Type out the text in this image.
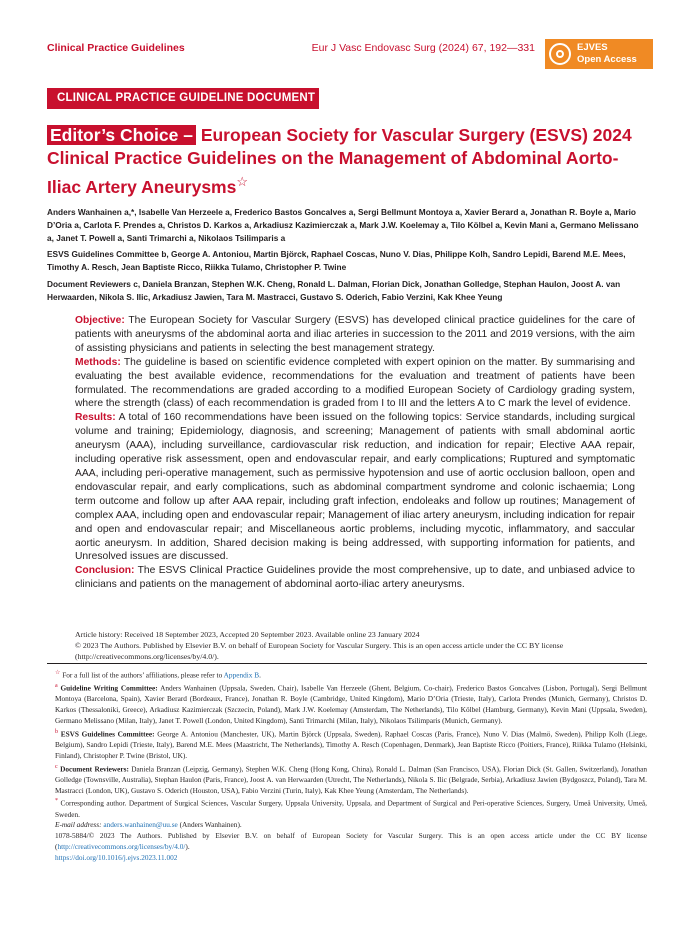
Clinical Practice Guidelines	Eur J Vasc Endovasc Surg (2024) 67, 192—331	EJVES
Open Access
CLINICAL PRACTICE GUIDELINE DOCUMENT
Editor’s Choice – European Society for Vascular Surgery (ESVS) 2024 Clinical Practice Guidelines on the Management of Abdominal Aorto-Iliac Artery Aneurysms☆
Anders Wanhainen a,*, Isabelle Van Herzeele a, Frederico Bastos Goncalves a, Sergi Bellmunt Montoya a, Xavier Berard a, Jonathan R. Boyle a, Mario D’Oria a, Carlota F. Prendes a, Christos D. Karkos a, Arkadiusz Kazimierczak a, Mark J.W. Koelemay a, Tilo Kölbel a, Kevin Mani a, Germano Melissano a, Janet T. Powell a, Santi Trimarchi a, Nikolaos Tsilimparis a
ESVS Guidelines Committee b, George A. Antoniou, Martin Björck, Raphael Coscas, Nuno V. Dias, Philippe Kolh, Sandro Lepidi, Barend M.E. Mees, Timothy A. Resch, Jean Baptiste Ricco, Riikka Tulamo, Christopher P. Twine
Document Reviewers c, Daniela Branzan, Stephen W.K. Cheng, Ronald L. Dalman, Florian Dick, Jonathan Golledge, Stephan Haulon, Joost A. van Herwaarden, Nikola S. Ilic, Arkadiusz Jawien, Tara M. Mastracci, Gustavo S. Oderich, Fabio Verzini, Kak Khee Yeung

Objective: The European Society for Vascular Surgery (ESVS) has developed clinical practice guidelines for the care of patients with aneurysms of the abdominal aorta and iliac arteries in succession to the 2011 and 2019 versions, with the aim of assisting physicians and patients in selecting the best management strategy.

Methods: The guideline is based on scientific evidence completed with expert opinion on the matter. By summarising and evaluating the best available evidence, recommendations for the evaluation and treatment of patients have been formulated. The recommendations are graded according to a modified European Society of Cardiology grading system, where the strength (class) of each recommendation is graded from I to III and the letters A to C mark the level of evidence.

Results: A total of 160 recommendations have been issued on the following topics: Service standards, including surgical volume and training; Epidemiology, diagnosis, and screening; Management of patients with small abdominal aortic aneurysm (AAA), including surveillance, cardiovascular risk reduction, and indication for repair; Elective AAA repair, including operative risk assessment, open and endovascular repair, and early complications; Ruptured and symptomatic AAA, including peri-operative management, such as permissive hypotension and use of aortic occlusion balloon, open and endovascular repair, and early complications, such as abdominal compartment syndrome and colonic ischaemia; Long term outcome and follow up after AAA repair, including graft infection, endoleaks and follow up routines; Management of complex AAA, including open and endovascular repair; Management of iliac artery aneurysm, including indication for repair and open and endovascular repair; and Miscellaneous aortic problems, including mycotic, inflammatory, and saccular aortic aneurysm. In addition, Shared decision making is being addressed, with supporting information for patients, and Unresolved issues are discussed.

Conclusion: The ESVS Clinical Practice Guidelines provide the most comprehensive, up to date, and unbiased advice to clinicians and patients on the management of abdominal aorto-iliac artery aneurysms.

Article history: Received 18 September 2023, Accepted 20 September 2023. Available online 23 January 2024

© 2023 The Authors. Published by Elsevier B.V. on behalf of European Society for Vascular Surgery. This is an open access article under the CC BY license (http://creativecommons.org/licenses/by/4.0/).

☆ For a full list of the authors’ affiliations, please refer to Appendix B.

$^a$ Guideline Writing Committee: Anders Wanhainen (Uppsala, Sweden, Chair), Isabelle Van Herzeele (Ghent, Belgium, Co-chair), Frederico Bastos Goncalves (Lisbon, Portugal), Sergi Bellmunt Montoya (Barcelona, Spain), Xavier Berard (Bordeaux, France), Jonathan R. Boyle (Cambridge, United Kingdom), Mario D’Oria (Trieste, Italy), Carlota Prendes (Munich, Germany), Christos D. Karkos (Thessaloniki, Greece), Arkadiusz Kazimierczak (Szczecin, Poland), Mark J.W. Koelemay (Amsterdam, The Netherlands), Tilo Kölbel (Hamburg, Germany), Kevin Mani (Uppsala, Sweden), Germano Melissano (Milan, Italy), Janet T. Powell (London, United Kingdom), Santi Trimarchi (Milan, Italy), Nikolaos Tsilimparis (Munich, Germany).

$^b$ ESVS Guidelines Committee: George A. Antoniou (Manchester, UK), Martin Björck (Uppsala, Sweden), Raphael Coscas (Paris, France), Nuno V. Dias (Malmö, Sweden), Philipp Kolh (Liege, Belgium), Sandro Lepidi (Trieste, Italy), Barend M.E. Mees (Maastricht, The Netherlands), Timothy A. Resch (Copenhagen, Denmark), Jean Baptiste Ricco (Poitiers, France), Riikka Tulamo (Helsinki, Finland), Christopher P. Twine (Bristol, UK).

$^c$ Document Reviewers: Daniela Branzan (Leipzig, Germany), Stephen W.K. Cheng (Hong Kong, China), Ronald L. Dalman (San Francisco, USA), Florian Dick (St. Gallen, Switzerland), Jonathan Golledge (Townsville, Australia), Stephan Haulon (Paris, France), Joost A. van Herwaarden (Utrecht, The Netherlands), Nikola S. Ilic (Belgrade, Serbia), Arkadiusz Jawien (Bydgoszcz, Poland), Tara M. Mastracci (London, UK), Gustavo S. Oderich (Houston, USA), Fabio Verzini (Turin, Italy), Kak Khee Yeung (Amsterdam, The Netherlands).

* Corresponding author. Department of Surgical Sciences, Vascular Surgery, Uppsala University, Uppsala, and Department of Surgical and Peri-operative Sciences, Surgery, Umeå University, Umeå, Sweden.

E-mail address: anders.wanhainen@uu.se (Anders Wanhainen).

1078-5884/© 2023 The Authors. Published by Elsevier B.V. on behalf of European Society for Vascular Surgery. This is an open access article under the CC BY license (http://creativecommons.org/licenses/by/4.0/).

https://doi.org/10.1016/j.ejvs.2023.11.002
